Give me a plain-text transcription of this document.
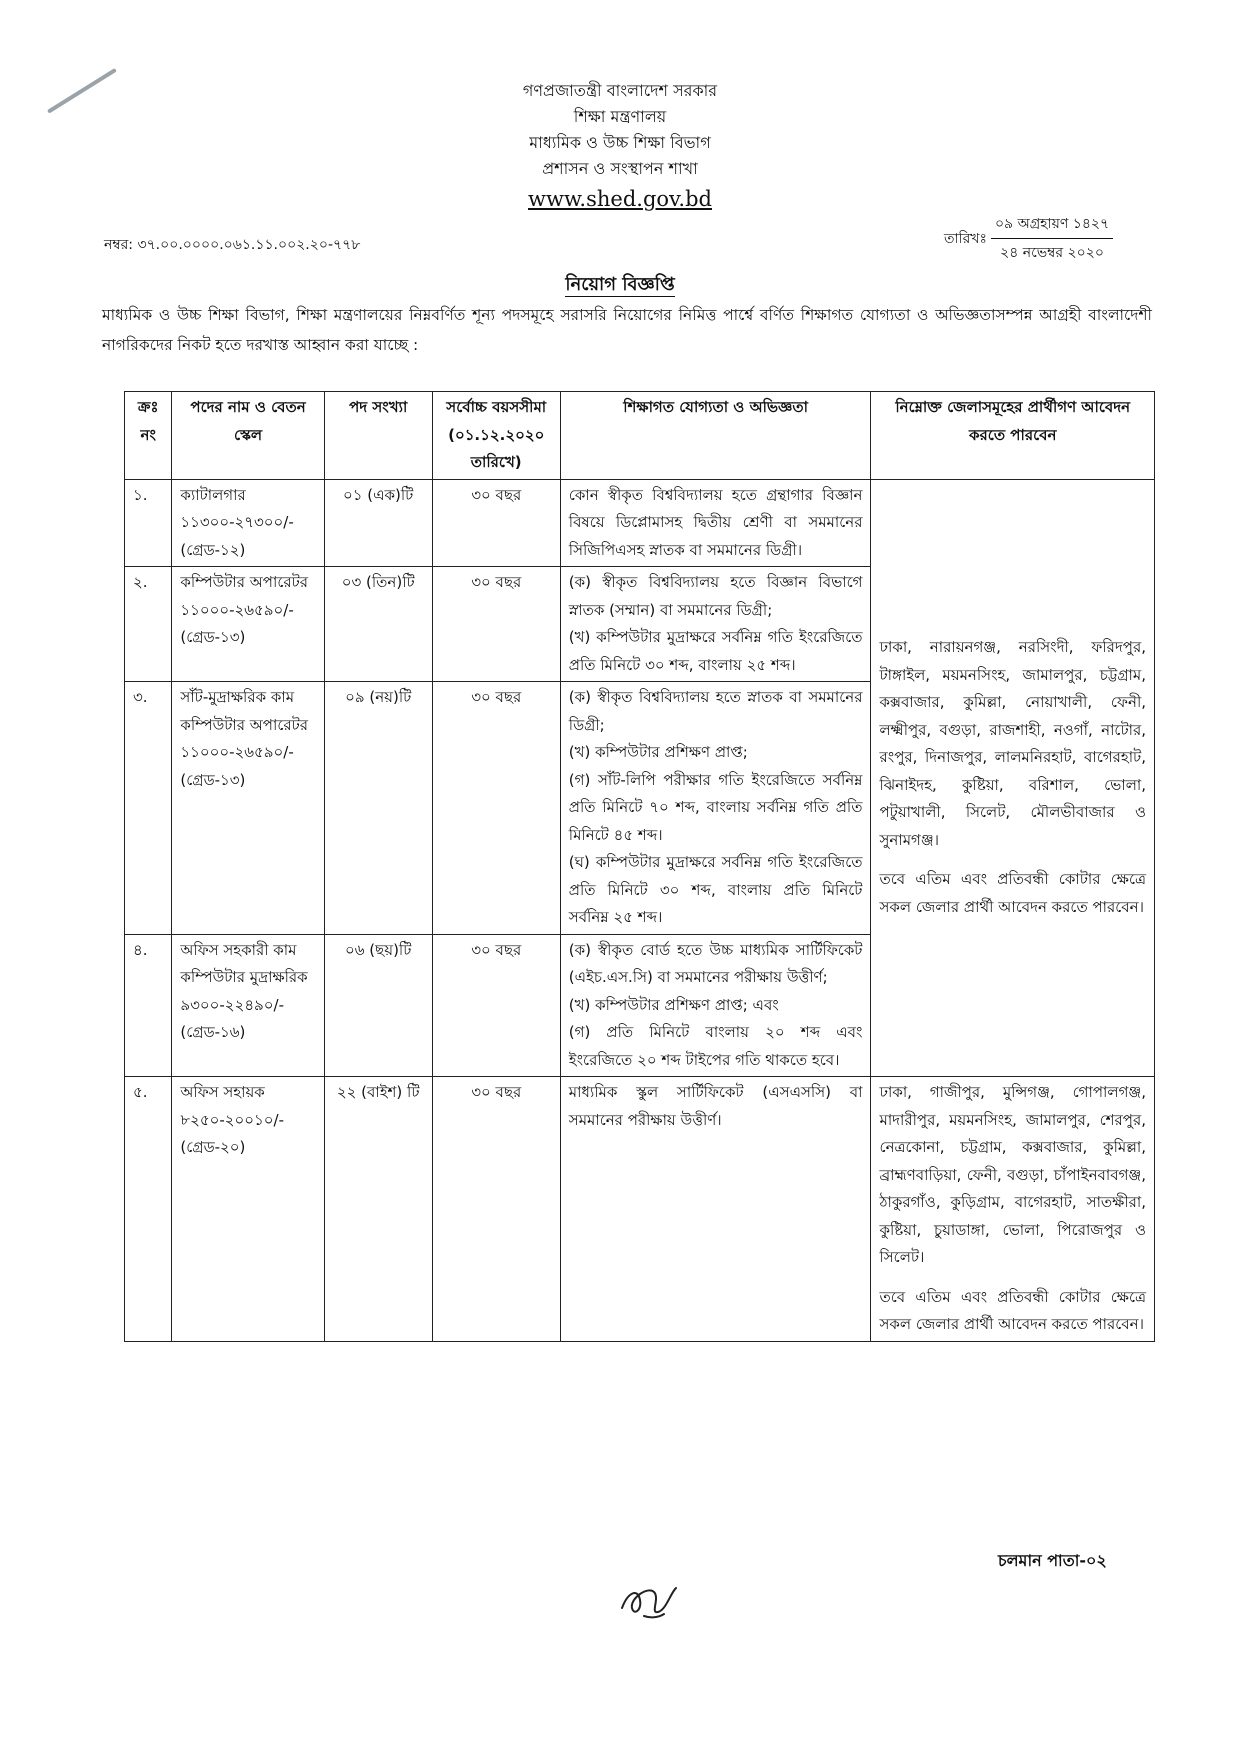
গণপ্রজাতন্ত্রী বাংলাদেশ সরকার
শিক্ষা মন্ত্রণালয়
মাধ্যমিক ও উচ্চ শিক্ষা বিভাগ
প্রশাসন ও সংস্থাপন শাখা
www.shed.gov.bd
নম্বর: ৩৭.০০.০০০০.০৬১.১১.০০২.২০-৭৭৮	তারিখঃ
০৯ অগ্রহায়ণ ১৪২৭
২৪ নভেম্বর ২০২০
নিয়োগ বিজ্ঞপ্তি
মাধ্যমিক ও উচ্চ শিক্ষা বিভাগ, শিক্ষা মন্ত্রণালয়ের নিম্নবর্ণিত শূন্য পদসমূহে সরাসরি নিয়োগের নিমিত্ত পার্শ্বে বর্ণিত শিক্ষাগত যোগ্যতা ও অভিজ্ঞতাসম্পন্ন আগ্রহী বাংলাদেশী নাগরিকদের নিকট হতে দরখাস্ত আহ্বান করা যাচ্ছে :
ক্রঃ নং	পদের নাম ও বেতন স্কেল	পদ সংখ্যা	সর্বোচ্চ বয়সসীমা (০১.১২.২০২০ তারিখে)	শিক্ষাগত যোগ্যতা ও অভিজ্ঞতা	নিম্নোক্ত জেলাসমূহের প্রার্থীগণ আবেদন করতে পারবেন
১.	ক্যাটালগার ১১৩০০-২৭৩০০/- (গ্রেড-১২)	০১ (এক)টি	৩০ বছর	কোন স্বীকৃত বিশ্ববিদ্যালয় হতে গ্রন্থাগার বিজ্ঞান বিষয়ে ডিপ্লোমাসহ দ্বিতীয় শ্রেণী বা সমমানের সিজিপিএসহ স্নাতক বা সমমানের ডিগ্রী।	ঢাকা, নারায়নগঞ্জ, নরসিংদী, ফরিদপুর, টাঙ্গাইল, ময়মনসিংহ, জামালপুর, চট্টগ্রাম, কক্সবাজার, কুমিল্লা, নোয়াখালী, ফেনী, লক্ষ্মীপুর, বগুড়া, রাজশাহী, নওগাঁ, নাটোর, রংপুর, দিনাজপুর, লালমনিরহাট, বাগেরহাট, ঝিনাইদহ, কুষ্টিয়া, বরিশাল, ভোলা, পটুয়াখালী, সিলেট, মৌলভীবাজার ও সুনামগঞ্জ।

তবে এতিম এবং প্রতিবন্ধী কোটার ক্ষেত্রে সকল জেলার প্রার্থী আবেদন করতে পারবেন।

২.	কম্পিউটার অপারেটর ১১০০০-২৬৫৯০/- (গ্রেড-১৩)	০৩ (তিন)টি	৩০ বছর	(ক) স্বীকৃত বিশ্ববিদ্যালয় হতে বিজ্ঞান বিভাগে স্নাতক (সম্মান) বা সমমানের ডিগ্রী;
(খ) কম্পিউটার মুদ্রাক্ষরে সর্বনিম্ন গতি ইংরেজিতে প্রতি মিনিটে ৩০ শব্দ, বাংলায় ২৫ শব্দ।	
৩.	সাঁট-মুদ্রাক্ষরিক কাম কম্পিউটার অপারেটর ১১০০০-২৬৫৯০/- (গ্রেড-১৩)	০৯ (নয়)টি	৩০ বছর	(ক) স্বীকৃত বিশ্ববিদ্যালয় হতে স্নাতক বা সমমানের ডিগ্রী;
(খ) কম্পিউটার প্রশিক্ষণ প্রাপ্ত;
(গ) সাঁট-লিপি পরীক্ষার গতি ইংরেজিতে সর্বনিম্ন প্রতি মিনিটে ৭০ শব্দ, বাংলায় সর্বনিম্ন গতি প্রতি মিনিটে ৪৫ শব্দ।
(ঘ) কম্পিউটার মুদ্রাক্ষরে সর্বনিম্ন গতি ইংরেজিতে প্রতি মিনিটে ৩০ শব্দ, বাংলায় প্রতি মিনিটে সর্বনিম্ন ২৫ শব্দ।	
৪.	অফিস সহকারী কাম কম্পিউটার মুদ্রাক্ষরিক ৯৩০০-২২৪৯০/- (গ্রেড-১৬)	০৬ (ছয়)টি	৩০ বছর	(ক) স্বীকৃত বোর্ড হতে উচ্চ মাধ্যমিক সার্টিফিকেট (এইচ.এস.সি) বা সমমানের পরীক্ষায় উত্তীর্ণ;
(খ) কম্পিউটার প্রশিক্ষণ প্রাপ্ত; এবং
(গ) প্রতি মিনিটে বাংলায় ২০ শব্দ এবং ইংরেজিতে ২০ শব্দ টাইপের গতি থাকতে হবে।	
৫.	অফিস সহায়ক ৮২৫০-২০০১০/- (গ্রেড-২০)	২২ (বাইশ) টি	৩০ বছর	মাধ্যমিক স্কুল সার্টিফিকেট (এসএসসি) বা সমমানের পরীক্ষায় উত্তীর্ণ।	ঢাকা, গাজীপুর, মুন্সিগঞ্জ, গোপালগঞ্জ, মাদারীপুর, ময়মনসিংহ, জামালপুর, শেরপুর, নেত্রকোনা, চট্টগ্রাম, কক্সবাজার, কুমিল্লা, ব্রাহ্মণবাড়িয়া, ফেনী, বগুড়া, চাঁপাইনবাবগঞ্জ, ঠাকুরগাঁও, কুড়িগ্রাম, বাগেরহাট, সাতক্ষীরা, কুষ্টিয়া, চুয়াডাঙ্গা, ভোলা, পিরোজপুর ও সিলেট।

তবে এতিম এবং প্রতিবন্ধী কোটার ক্ষেত্রে সকল জেলার প্রার্থী আবেদন করতে পারবেন।

চলমান পাতা-০২
